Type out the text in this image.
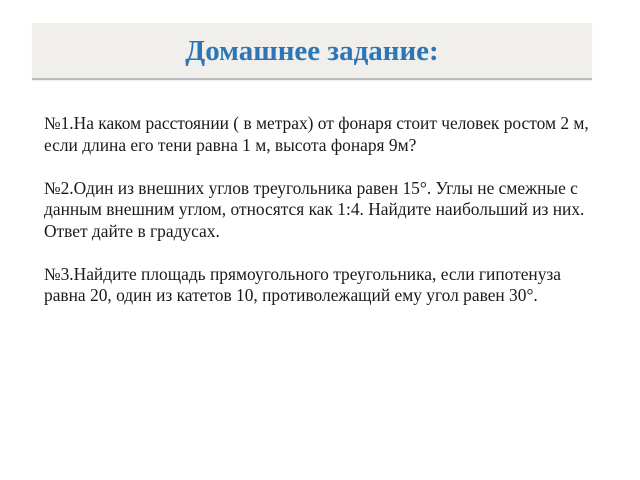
Домашнее задание:

№1.На каком расстоянии ( в метрах) от фонаря стоит человек ростом 2 м, если длина его тени равна 1 м, высота фонаря 9м?

№2.Один из внешних углов треугольника равен 15°. Углы не смежные с данным внешним углом, относятся как 1:4. Найдите наибольший из них. Ответ дайте в градусах.

№3.Найдите площадь прямоугольного треугольника, если гипотенуза равна 20, один из катетов 10, противолежащий ему угол равен 30°.
